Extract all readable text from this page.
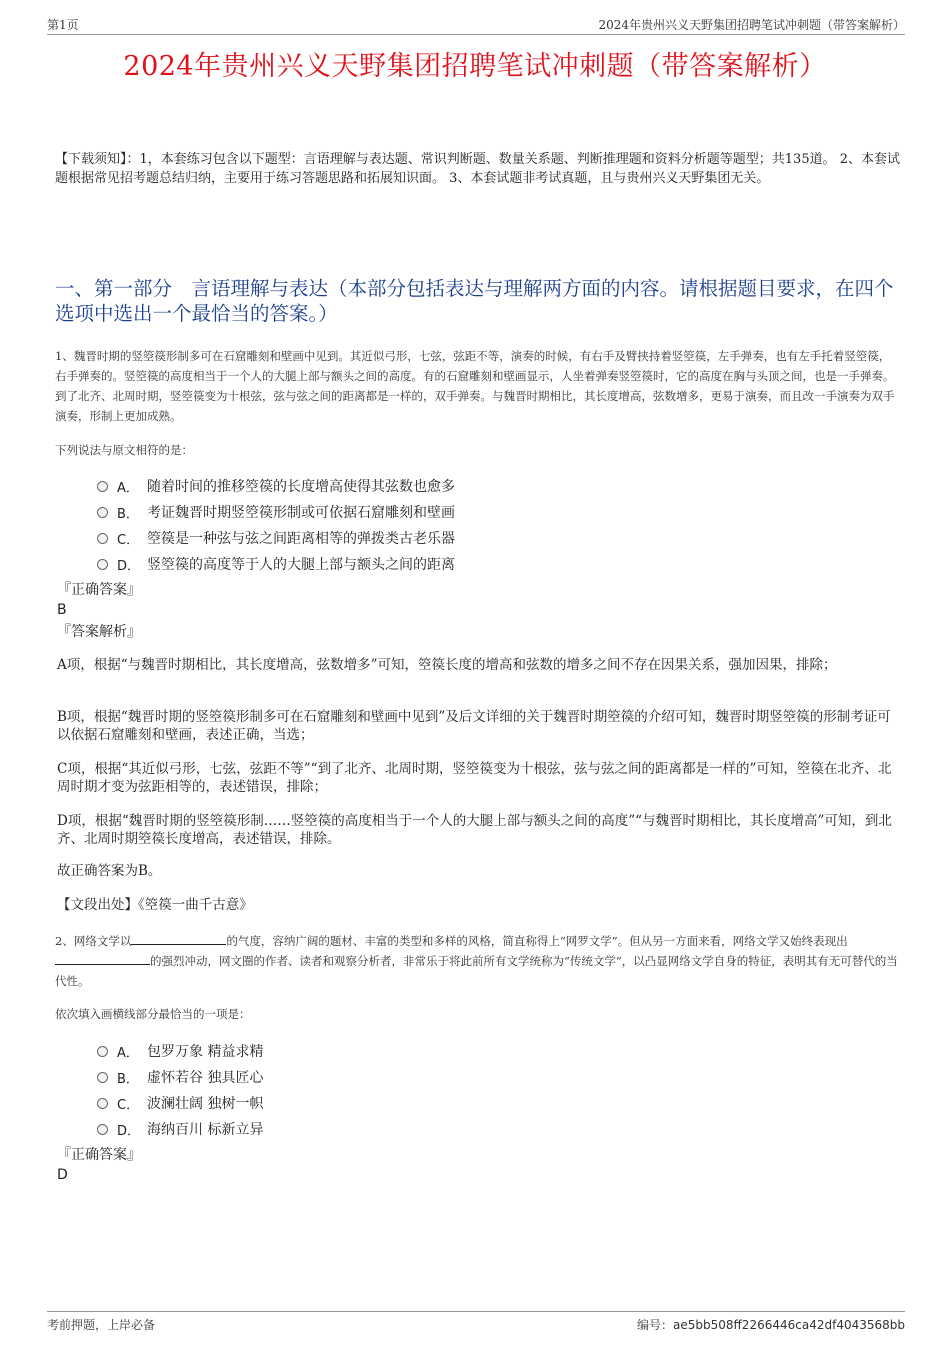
第1页	2024年贵州兴义天野集团招聘笔试冲刺题（带答案解析）
2024年贵州兴义天野集团招聘笔试冲刺题（带答案解析）
【下载须知】：1，本套练习包含以下题型：言语理解与表达题、常识判断题、数量关系题、判断推理题和资料分析题等题型；共135道。 2、本套试题根据常见招考题总结归纳，主要用于练习答题思路和拓展知识面。 3、本套试题非考试真题，且与贵州兴义天野集团无关。
一、第一部分　言语理解与表达（本部分包括表达与理解两方面的内容。请根据题目要求，在四个选项中选出一个最恰当的答案。）
1、魏晋时期的竖箜篌形制多可在石窟雕刻和壁画中见到。其近似弓形，七弦，弦距不等，演奏的时候，有右手及臂挟持着竖箜篌，左手弹奏，也有左手托着竖箜篌，右手弹奏的。竖箜篌的高度相当于一个人的大腿上部与额头之间的高度。有的石窟雕刻和壁画显示，人坐着弹奏竖箜篌时，它的高度在胸与头顶之间，也是一手弹奏。到了北齐、北周时期，竖箜篌变为十根弦，弦与弦之间的距离都是一样的，双手弹奏。与魏晋时期相比，其长度增高，弦数增多，更易于演奏，而且改一手演奏为双手演奏，形制上更加成熟。
下列说法与原文相符的是：
A． 随着时间的推移箜篌的长度增高使得其弦数也愈多
B． 考证魏晋时期竖箜篌形制或可依据石窟雕刻和壁画
C． 箜篌是一种弦与弦之间距离相等的弹拨类古老乐器
D． 竖箜篌的高度等于人的大腿上部与额头之间的距离
『正确答案』
B
『答案解析』
A项，根据“与魏晋时期相比，其长度增高，弦数增多”可知，箜篌长度的增高和弦数的增多之间不存在因果关系，强加因果，排除；
B项，根据“魏晋时期的竖箜篌形制多可在石窟雕刻和壁画中见到”及后文详细的关于魏晋时期箜篌的介绍可知，魏晋时期竖箜篌的形制考证可以依据石窟雕刻和壁画，表述正确，当选；
C项，根据“其近似弓形，七弦，弦距不等”“到了北齐、北周时期，竖箜篌变为十根弦，弦与弦之间的距离都是一样的”可知，箜篌在北齐、北周时期才变为弦距相等的，表述错误，排除；
D项，根据“魏晋时期的竖箜篌形制……竖箜篌的高度相当于一个人的大腿上部与额头之间的高度”“与魏晋时期相比，其长度增高”可知，到北齐、北周时期箜篌长度增高，表述错误，排除。
故正确答案为B。
【文段出处】《箜篌一曲千古意》
2、网络文学以	的气度，容纳广阔的题材、丰富的类型和多样的风格，简直称得上“网罗文学”。但从另一方面来看，网络文学又始终表现出的强烈冲动，网文圈的作者、读者和观察分析者，非常乐于将此前所有文学统称为“传统文学”，以凸显网络文学自身的特征，表明其有无可替代的当代性。
依次填入画横线部分最恰当的一项是：
A． 包罗万象 精益求精
B． 虚怀若谷 独具匠心
C． 波澜壮阔 独树一帜
D． 海纳百川 标新立异
『正确答案』
D
考前押题，上岸必备	编号：ae5bb508ff2266446ca42df4043568bb
